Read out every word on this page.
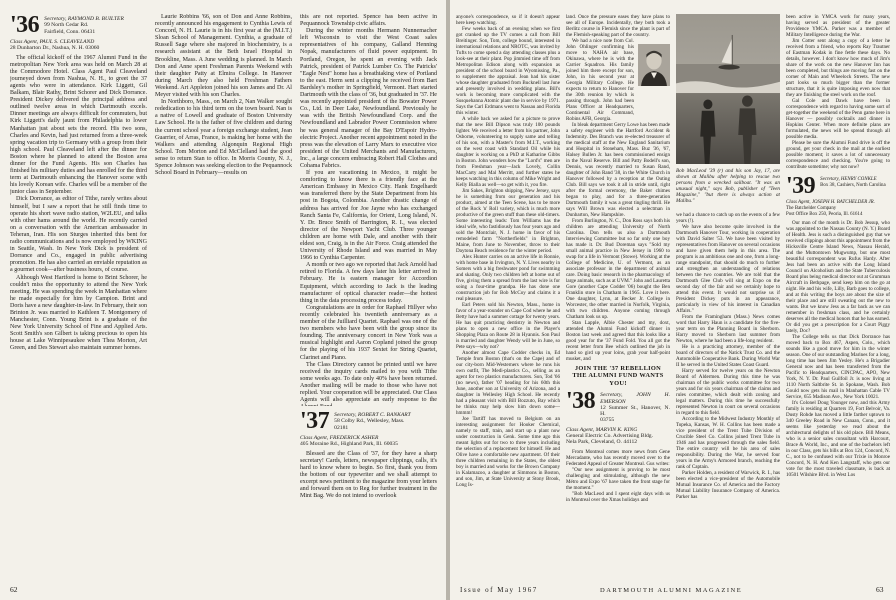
'36 Secretary, RAYMOND B. BUILTER
99 North Cedar Rd.
Fairfield, Conn. 06431
Class Agent, PAUL S. CLEAVELAND
28 Dunbarton Dr., Nashua, N. H. 03060

The official kickoff of the 1967 Alumni Fund in the metropolitan New York area was held on March 28 at the Commodore Hotel. Class Agent Paul Cleaveland journeyed down from Nashua, N. H., to greet the 37 agents who were in attendance. Kirk Liggett, Gil Balkam, Blair Rathy, Brint Schorer and Dick Dorrance. President Dickey delivered the principal address and outlined twelve areas in which Dartmouth excels. Dinner meetings are always difficult for commuters, but Kirk Liggett's daily jaunt from Philadelphia to lower Manhattan just about sets the record. His two sons, Charles and Kevin, had just returned from a three-week spring vacation trip to Germany with a group from their high school. Paul Cleaveland left after the dinner for Boston where he planned to attend the Boston area dinner for the Fund Agents. His son Charles has finished his military duties and has enrolled for the third term at Dartmouth enhancing the Hanover scene with his lovely Korean wife. Charles will be a member of the junior class in September.

Dick Dorrance, as editor of Tithe, rarely writes about himself, but I saw a report that he still finds time to operate his short wave radio station, W2LEU, and talks with other hams around the world. He recently carried on a conversation with the American ambassador in Teheran, Iran. His son Sturges inherited this bent for radio communications and is now employed by WKING in Seattle, Wash. In New York Dick is president of Dorrance and Co., engaged in public advertising promotion. He has also carried an enviable reputation as a gourmet cook—after business hours, of course.

Although West Hartford is home to Brint Schorer, he couldn't miss the opportunity to attend the New York meeting. He was spending the week in Manhattan where he made especially for him by Campion. Brint and Doris have a new daughter-in-law. In February, their son Brinton Jr. was married to Kathleen T. Montgomery of Manchester, Conn. Young Brint is a graduate of the New York University School of Fine and Applied Arts. Scott Smith's son Gilbert is taking precious to open his house at Lake Winnipesaukee when Thea Morton, Art Green, and Des Stewart also maintain summer homes.

Laurie Robbins '66, son of Don and Anne Robbins, recently announced his engagement to Cynthia Lewis of Concord, N. H. Laurie is in his first year at the (M.I.T.) Sloan School of Management. Cynthia, a graduate of Russell Sage where she majored in biochemistry, is a research assistant at the Beth Israel Hospital in Brookline, Mass. A June wedding is planned. In March Don and Anne spent Freshman Parents Weekend with their daughter Patty at Elmira College. In Hanover during March they also held Freshman Fathers Weekend. Art Appleton joined his son James and Dr. Al Meyer visited with his son Charles.

In Northboro, Mass., on March 2, Nan Walker sought rededication to his third term on the town board. Nan is a native of Lowell and graduate of Boston University Law School. He is the father of five children and during the current school year a foreign exchange student, Jean Guarrier, of Arras, France, is making her home with the Walkers and attending Algonquin Regional High School. Tom Morton and Ed McClelland had the good sense to return Stan to office. In Morris County, N. J., Spence Johnson was seeking election to the Pequannock School Board in February—results on

this are not reported. Spence has been active in Pequannock Township civic affairs.

During the winter months Hermann Nunnemacher left Wisconsin to visit the West Coast sales representatives of his company, Galland Henning Nopak, manufacturers of fluid power equipment. In Portland, Oregon, he spent an evening with Jack Patrick, president of Patrick Lumber Co. The Patricks' "Eagle Nest" home has a breathtaking view of Portland to the east. Herm sent a clipping he received from Bart Bardsley's mother in Springfield, Vermont. Hart started Dartmouth with the class of '36, but graduated in '37. He was recently appointed president of the Bowater Power Co., Ltd. in Deer Lake, Newfoundland. Previously he was with the British Newfoundland Corp. and the Newfoundland and Labrador Power Commission where he was general manager of the Bay D'Espoir Hydro-electric Project. Another recent appointment noted in the press was the elevation of Larry Marx to executive vice president of the United Merchants and Manufacturers, Inc., a large concern embracing Robert Hall Clothes and Cohama Fabrics.

If you are vacationing in Mexico, it might be comforting to know there is a friendly face at the American Embassy in Mexico City. Hank Engelhardt was transferred there by the State Department from his post in Bogota, Colombia. Another drastic change of address has arrived for Joe Jayne who has exchanged Ranch Santa Fe, California, for Orient, Long Island, N. Y. Dr. Bruce Smith of Barrington, R. I., was elected director of the Newport Yacht Club. Three younger children are home with Dale, and another with their eldest son, Craig, is in the Air Force. Craig attended the University of Rhode Island and was married in May 1966 to Cynthia Carpenter.

A month or two ago we reported that Jack Arnold had retired to Florida. A few days later his letter arrived in February. He is eastern manager for Accordion Equipment, which according to Jack is the leading manufacturer of optical character reader—the hottest thing in the data processing process today.

Congratulations are in order for Raphael Hillyer who recently celebrated his twentieth anniversary as a member of the Juilliard Quartet. Raphael was one of the two members who have been with the group since its founding. The anniversary concert in New York was a musical highlight and Aaron Copland joined the group for the playing of his 1937 Sextet for String Quartet, Clarinet and Piano.

The Class Directory cannot be printed until we have received the inquiry cards mailed to you with Tithe some weeks ago. To date only 40% have been returned. Another mailing will be made to those who have not replied. Your cooperation will be appreciated. Our Class Agents will also appreciate an early response to the

'37 Secretary, ROBERT C. BANKART
58 Colby Rd., Wellesley, Mass.
02181
Class Agent, FREDERICK ASHER
405 Moraine Rd., Highland Park, Ill. 60035

Blessed are the Class of '37, for they have a sharp secretary! Cards, letters, newspaper clippings, calls, it's hard to know where to begin. So first, thank you from the bottom of our typewriter and we shall attempt to excerpt news pertinent to the magazine from your letters and forward them on to Reg for further treatment in the Mint Bag. We do not intend to overlook

62

anyone's correspondence, so if it doesn't appear here keep watching.

Few weeks back of an evening when we first got cranked up the TV comes a call from Bill Breitinger. Son, Tom, college bound, interested in international relations and NROTC, was invited by Tufts to come spend a day attending classes plus a look-see at their plant. Pop jimmied time off from Metropolitan Edison along with expansion as president of the school board in Wyomissing, Pa., to supplement the appraisal. Jean had his sister whose daughter graduated from Bucknell last June and presently involved in wedding plans. Bill's work is becoming more complicated with the Susquehanna Atomic plant due in service by 1971. Says the Carl Erdmans went to Nassau and Florida this winter.

A while back we asked for a picture to prove that the new Bill Dipson was truly 100 pounds lighter. We received a letter from his partner, John Osborne, volunteering to supply same and telling of his son, with a Master's from M.I.T., working on the west coast with Standard Oil while his daughter is working on a PhD at Katharine Gibbs in Boston. John wonders how the "Lord's" men are from Freshman year—Jack Lovely, Collin MacCarty and Mal Merritt, and further states he keeps watching in this column of Mike Wright and Kelly Bialla as well—so get with it, you fire.

Jim Sakes, Brighton shipping, New Jersey, says he is something from our generation and his product, aimed at the Teen Scene, has to be more of the Rock 'n' Roll variety, which is much more productive of the green stuff than these old-timers. Some interesting leads: Tom Williams has the ideal wife, who fastidiously has four years ago and sold the Montclair, N. J. home in favor of his remodeled farm "Northerfields" in Brighton, Maine, from June to November, throw to their Daytona Beach residence for the winter period.

Alex Hunter carries on an active life in Ronnie, with home base in Irvington, N. Y. Lives nearby in Somers with a big freshwater pond for swimming and skating. Only two children left at home out of five, giving them a spread from the last wire is for soing a four-time grandpa. He has done one construction job for Bob McCoy and claims it a real pleasure.

Earl Peters sold his Newton, Mass., home in favor of a year-rounder on Cape Cod where he and Betty have had a summer cottage for twenty years. He has quit practicing dentistry in Newton and plans to open a new office in the Player's Shopping Plaza on Route 28 in Hyannis. Son Paul is married and daughter Wendy will be in June, so Pete says—why not?

Another almost Cape Codder checks in, Ed Temple from Boston (that's on the Cape) and of our city-born Mid-Westerners where he runs his own outfit, The Medi-plastics Co., selling as an agent for two plastics manufacturers. Son, Tod '66 (no news), father '07 heading for his 60th this June, another son at University of Arizona, and a daughter in Wellesley High School. He recently had a pleasant visit with Bill Bozzuto, Bay which he thinks may help slow him down some—hmmm!

Joe Tartiff has moved to Belgium on an interesting assignment for Hooker Chemical, namely to staff, train, and start up a plant now under construction in Genk. Some time ago this meant lights out for two to three years including the selection of a replacement for himself. He and Olive have a comfortable new apartment. Of their three children remaining in the States, the oldest boy is married and works for the Brown Company in Kalamazoo, a daughter at Simmons in Boston, and son, Jim, at State University at Stony Brook, Long Is-

land. Once the pressure eases they have plans to see all of Europe. Incidentally, they both took a Berlitz course in Flemish since the plant is part of the Flemish-speaking part of the country.

We had a nice note from Col. John Ohlinger confirming his move to NAHA air base, Okinawa, where he is with the Carrier Squadron. His family joined him there except for son, John, in his second year at Georgia Military College. He expects to return to Hanover for the 30th reunion by which is passing through. John had been Plans Officer at Headquarters, Continental Air Command, Robins AFB, Georgia.

In bleak department Gerry Lowe has been made a safety engineer with the Hartford Accident & Indemnity. Des Branch was re-elected treasurer of the medical staff at the New England Sanitarium and Hospital in Stoneham, Mass. Buz '36, '67, Halsey Bullen Jr. has been commissioned ensign in the Naval Reserve. Bill and Patty Bodell's son, Dennis, was recently married to Susan Rand, daughter of John Rand '38, in the White Church in Hanover followed by a reception at the Outing Club. Bill says we took it all in stride until, right after the formal ceremony, the Baker chimes began to play, and for a three-generation Dartmouth family it was a great tingling thrill. He says Will Brown was elected a selectman in Dunbarton, New Hampshire.

From Burlington, N. C., Don Ross says both his children are attending University of North Carolina. Don tells us also a Dartmouth Interviewing Committee but so far only one boy has made it. Dr. Bud Doreman says "Sold my small animal practice in New Jersey in 1960 to swap for a life in Vermont (Stowe). Working at the College of Medicine, U. of Vermont, as an associate professor in the department of animal care. Doing basic research in the pharmacology of large animals, such as at UVM." John and Lauretta Gore (another Cape Codder '06) bought the Ben Franklin store in Chatham in 1965. Love it here. One daughter, Lynn, at Becker Jr. College in Worcester, the other married in Norfolk, Virginia, with two children. Anyone coming through Chatham look us up.

Stan Lapple, Albie Chester and my, doxt, attended the Alumni Fund kickoff dinner in Boston last week and agreed that this looks like a good year for the '37 Fund Fold. You all got the recent letter from Bee which outlined the job in hand so gird up your loins, grab your half-point musket, and

JOIN THE '37 REBELLION
THE ALUMNI FUND WANTS
YOU!
'38 Secretary, JOHN H. EMERSON
12 Summer St., Hanover, N. H.
03755
Class Agent, MARVIN K. KING
General Electric Co. Advertising Bldg.
Nela Park, Cleveland, O. 44112

From Montreal comes more news from Gene Mercadante, who has recently moved over to the Federated Appeal of Greater Montreal. Gus writes:

"Our new assignment is proving to be most challenging and stimulating, although the new Métro and Expo '67 have taken the front stage for the moment."

"Bob MacLeod and I spent eight days with us in Montreal over the Xmas holidays and

Bob MacLeod '39 (r) and his son Jay, 17, are shown at Malibu after helping to rescue two persons from a wrecked sailboat. "It was an unusual night," says Bob, publisher of "Teen Magazine," "but there is always action at Malibu."

we had a chance to catch up on the events of a few years (!).

We have also become quite involved in the Dartmouth Hanover Tour, working in cooperation with David Salter '53. We have been visited by representatives from Hanover on several occasions and have given them help in this area. The program is an ambitious one and one, from a long-range standpoint, that should do much to further and strengthen an understanding of relations between the two countries. We are told that the Dartmouth Glee Club will sing at Expo on the second day of the fair and we certainly hope to attend this event. It would not surprise us if President Dickey puts in an appearance, particularly in view of his interest in Canadian Affairs."

From the Framingham (Mass.) News comes word that Harry Haun is a candidate for the five-year term on the Planning Board in Sherborn. Harry moved to Sherborn last summer from Newton, where he had been a life-long resident.

He is a practicing attorney, member of the board of directors of the Natick Trust Co. and the Automobile Cooperative Bank. During World War II he served in the United States Coast Guard.

Harry served for twelve years on the Newton Board of Aldermen. During this time he was chairman of the public works committee for two years and for six years chairman of the claims and rules committee, which dealt with zoning and legal matters. During this time he successfully represented Newton in court on several occasions in regard to this field.

According to the Midwest Industry Monthly of Topeka, Kansas, W. H. Collins has been made a vice president of the Trent Tube Division of Crucible Steel Co. Collins joined Trent Tube in 1946 and has progressed through the sales field. The entire country will be his area of sales responsibility. During the War, he served four years in the Army's Armored branch, reaching the rank of Captain.

Parker Holden, a resident of Warwick, R. I., has been elected a vice-president of the Automobile Mutual Insurance Co. of America and the Factory Mutual Liability Insurance Company of America. Parker has

Issue of May 1967	63

been active in YMCA work for many years, having served as president of the greater Providence YMCA. Parker was a member of Military Intelligence during the War.

Jim Cotter sent along a copy of a letter he received from a friend, who reports Ray Trautner of Eastman Kodak in fine fettle these days. No details, however. I don't know how much of Jim's share of the work on the new Hanover Inn has been completed, but things are moving fast on the corner of Main and Wheelock Streets. The new part looks so much bigger than the former structure, that it is quite imposing even now that they are finishing the steel work on the roof.

Gal Cole and Dawk have been in correspondence with regard to having some sort of get-together the weekend of the Penn game here in Hanover — possibly cocktails and dinner in Hopkins Center. When more definite plans are formulated, the news will be spread through all possible media.

Please be sure the Alumni Fund drive is off the ground, get your check in the mail at the earliest possible moment; it saves a lot of unnecessary correspondence and checking. You're going to contribute sometime; why not now?

'39 Secretary, HENRY CONKLE
Box 38, Cashiers, North Carolina
Class Agent, JOSEPH H. BATCHELDER JR.
The Batchelder Company
Post Office Box 250, Peoria, Ill. 61614

Our man of the month is Dr. Bob Jessup, who was appointed to the Nassau County (N. Y.) Board of Health. Jess is such a distinguished guy that we received clippings about this appointment from the Hicksville Centre Island News, Nassau Herald, and the Muttontown Mugwump, but one most beautiful correspondent was Rufus Hardy. After Jess had been an active with the Long Island Council on Alcoholism and the State Tuberculosis Board plus being medical director out at Grumman Aircraft in Bethpage, send keep him on the go at night. He and his wife, Lilly, Barb goes to college, and at this writing the boys are about the size of their place and are still sweating out the new to wants. But we know Jess as a far back as we can remember in freshman class, and he certainly deserves all the medical honors that he has earned. Or did you get a prescription for a Court Piggy lately, Doc?

The College tells us that Dick Dorrance has moved back to Box 467, Aspen, Colo., which sounds like a good move for him in the winter season. One of our outstanding Marines for a long, long time has been Jim Yesley. He's a Brigadier General now and has been transferred from the Pacific to Headquarters, CINCPAC, APO, New York, N. Y. Dr. Paul Guilfoil Jr. is now living at 1110 North Saltbrite St. in Spokane, Wash. Bob Gould now gets his mail in Manhattan Cable TV Service, 655 Madison Ave., New York 10021.

It's Colonel Doug Younger now, and this Army family is residing at Quarters 19, Fort Belvoir, Va. Dusty Rohde has moved a little farther uptown to 340 Greeley Road in New Canaan, Conn., and it seems like yesterday we read about the architectural delights of his old place. Bill Means, who is a senior sales consultant with Harcourt, Brace & World, Inc., and one of the bachelors left in our Class, gets his bills at Box 124, Concord, N. C., not to be confused with our Trixie in Monroe Concord, N. H. And Ken Langstaff, who gets our vote for the most traveled classmate, is back at 10501 Wilshire Blvd. in West Los

DARTMOUTH ALUMNI MAGAZINE
